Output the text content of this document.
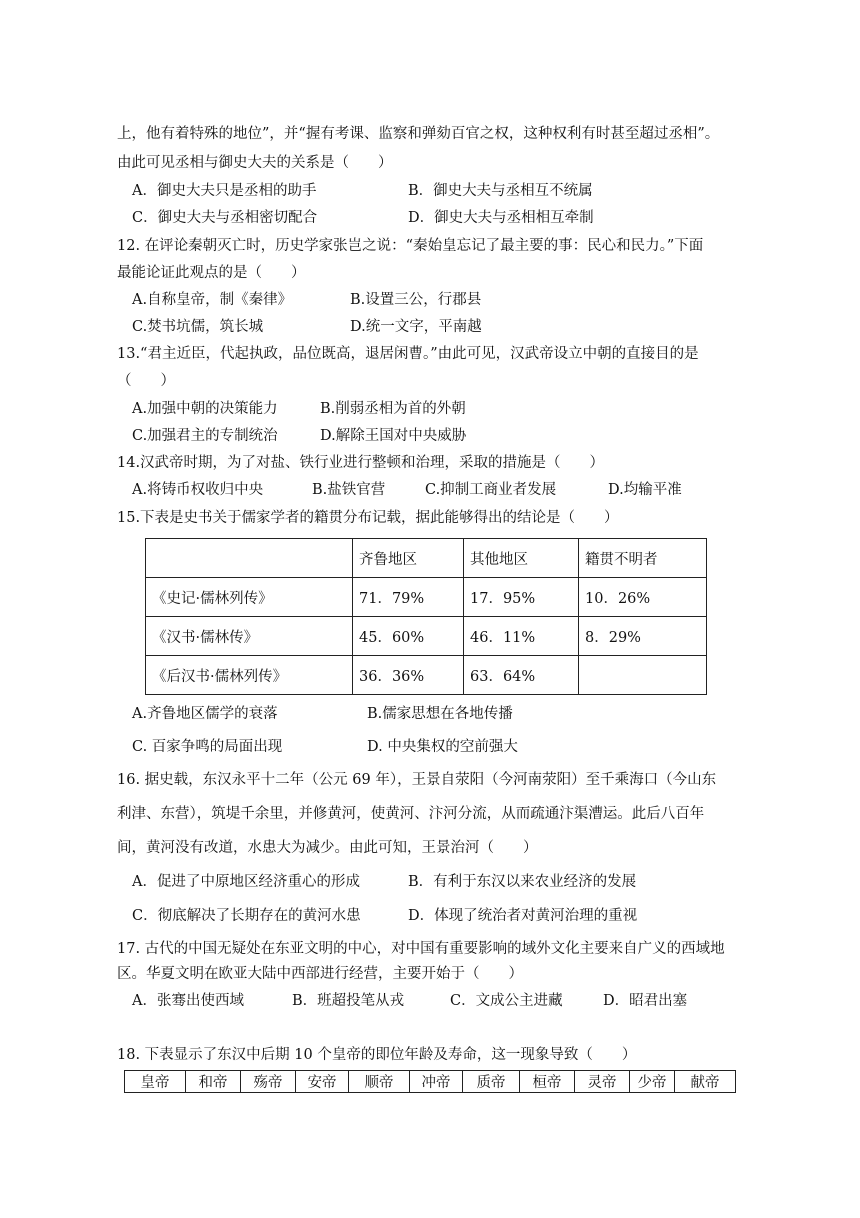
上，他有着特殊的地位”，并“握有考课、监察和弹劾百官之权，这种权利有时甚至超过丞相”。
由此可见丞相与御史大夫的关系是（　　）
A．御史大夫只是丞相的助手	B．御史大夫与丞相互不统属
C．御史大夫与丞相密切配合	D．御史大夫与丞相相互牵制
12. 在评论秦朝灭亡时，历史学家张岂之说：“秦始皇忘记了最主要的事：民心和民力。”下面
最能论证此观点的是（　　）
A.自称皇帝，制《秦律》	B.设置三公，行郡县
C.焚书坑儒，筑长城	D.统一文字，平南越
13.“君主近臣，代起执政，品位既高，退居闲曹。”由此可见，汉武帝设立中朝的直接目的是
（　　）
A.加强中朝的决策能力	B.削弱丞相为首的外朝
C.加强君主的专制统治	D.解除王国对中央威胁
14.汉武帝时期，为了对盐、铁行业进行整顿和治理，采取的措施是（　　）
A.将铸币权收归中央	B.盐铁官营	C.抑制工商业者发展	D.均输平准
15.下表是史书关于儒家学者的籍贯分布记载，据此能够得出的结论是（　　）
	齐鲁地区	其他地区	籍贯不明者
《史记·儒林列传》	71．79%	17．95%	10．26%
《汉书·儒林传》	45．60%	46．11%	8．29%
《后汉书·儒林列传》	36．36%	63．64%	
A.齐鲁地区儒学的衰落	B.儒家思想在各地传播
C. 百家争鸣的局面出现	D. 中央集权的空前强大
16. 据史载，东汉永平十二年（公元 69 年），王景自荥阳（今河南荥阳）至千乘海口（今山东
利津、东营），筑堤千余里，并修黄河，使黄河、汴河分流，从而疏通汴渠漕运。此后八百年
间，黄河没有改道，水患大为减少。由此可知，王景治河（　　）
A．促进了中原地区经济重心的形成	B．有利于东汉以来农业经济的发展
C．彻底解决了长期存在的黄河水患	D．体现了统治者对黄河治理的重视
17. 古代的中国无疑处在东亚文明的中心，对中国有重要影响的域外文化主要来自广义的西域地
区。华夏文明在欧亚大陆中西部进行经营，主要开始于（　　）
A．张骞出使西域	B．班超投笔从戎	C．文成公主进藏	D．昭君出塞
18. 下表显示了东汉中后期 10 个皇帝的即位年龄及寿命，这一现象导致（　　）
皇帝	和帝	殇帝	安帝	顺帝	冲帝	质帝	桓帝	灵帝	少帝	献帝
